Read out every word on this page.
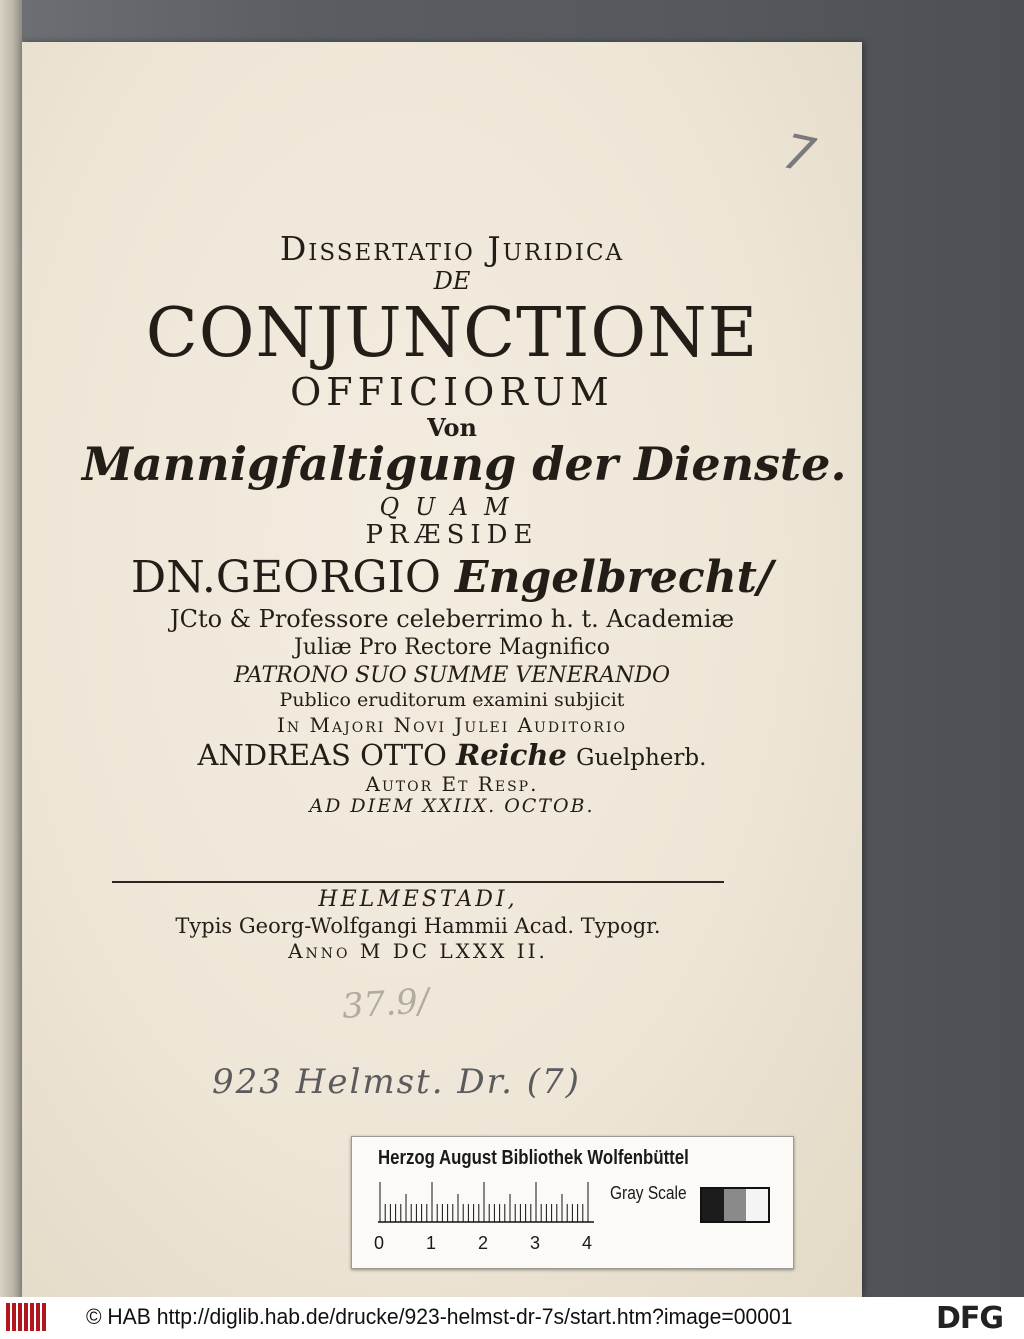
7
Dissertatio Juridica
DE
CONJUNCTIONE
OFFICIORUM
Von
Mannigfaltigung der Dienste.
QUAM
PRÆSIDE
DN.GEORGIO Engelbrecht/
JCto & Professore celeberrimo h. t. Academiæ
Juliæ Pro Rectore Magnifico
PATRONO SUO SUMME VENERANDO
Publico eruditorum examini subjicit
In Majori Novi Julei Auditorio
ANDREAS OTTO Reiche Guelpherb.
Autor Et Resp.
AD DIEM XXIIX. OCTOB.
HELMESTADI,
Typis Georg-Wolfgangi Hammii Acad. Typogr.
Anno M DC LXXX II.
37.9/
923 Helmst. Dr. (7)
Herzog August Bibliothek Wolfenbüttel
0 1 2 3 4
Gray Scale
© HAB http://diglib.hab.de/drucke/923-helmst-dr-7s/start.htm?image=00001	DFG
